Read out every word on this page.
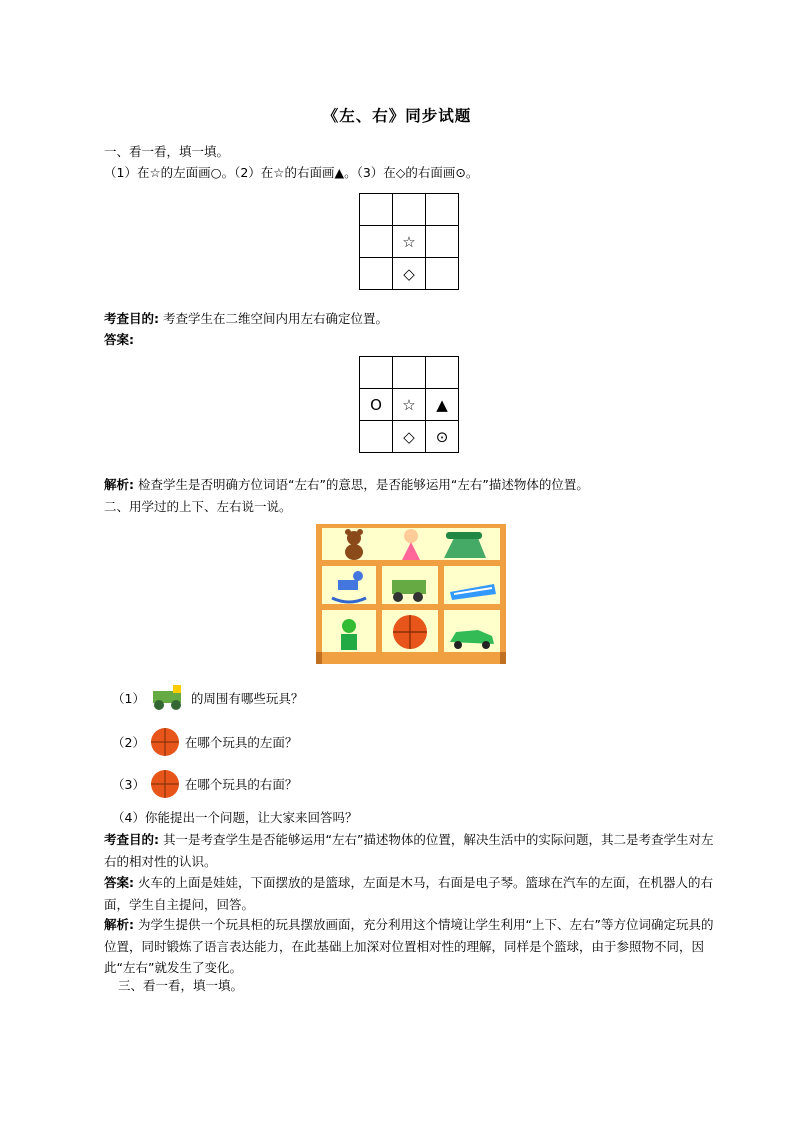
《左、右》同步试题
一、看一看，填一填。
（1）在☆的左面画○。（2）在☆的右面画▲。（3）在◇的右面画⊙。

	☆	
	◇	
考查目的: 考查学生在二维空间内用左右确定位置。
答案:

O	☆	▲
	◇	⊙
解析: 检查学生是否明确方位词语“左右”的意思，是否能够运用“左右”描述物体的位置。
二、用学过的上下、左右说一说。
（1）	的周围有哪些玩具？
（2）	在哪个玩具的左面？
（3）	在哪个玩具的右面？
（4）你能提出一个问题，让大家来回答吗？
考查目的: 其一是考查学生是否能够运用“左右”描述物体的位置，解决生活中的实际问题，其二是考查学生对左右的相对性的认识。
答案: 火车的上面是娃娃，下面摆放的是篮球，左面是木马，右面是电子琴。篮球在汽车的左面，在机器人的右面，学生自主提问，回答。
解析: 为学生提供一个玩具柜的玩具摆放画面，充分利用这个情境让学生利用“上下、左右”等方位词确定玩具的位置，同时锻炼了语言表达能力，在此基础上加深对位置相对性的理解，同样是个篮球，由于参照物不同，因此“左右”就发生了变化。
三、看一看，填一填。
